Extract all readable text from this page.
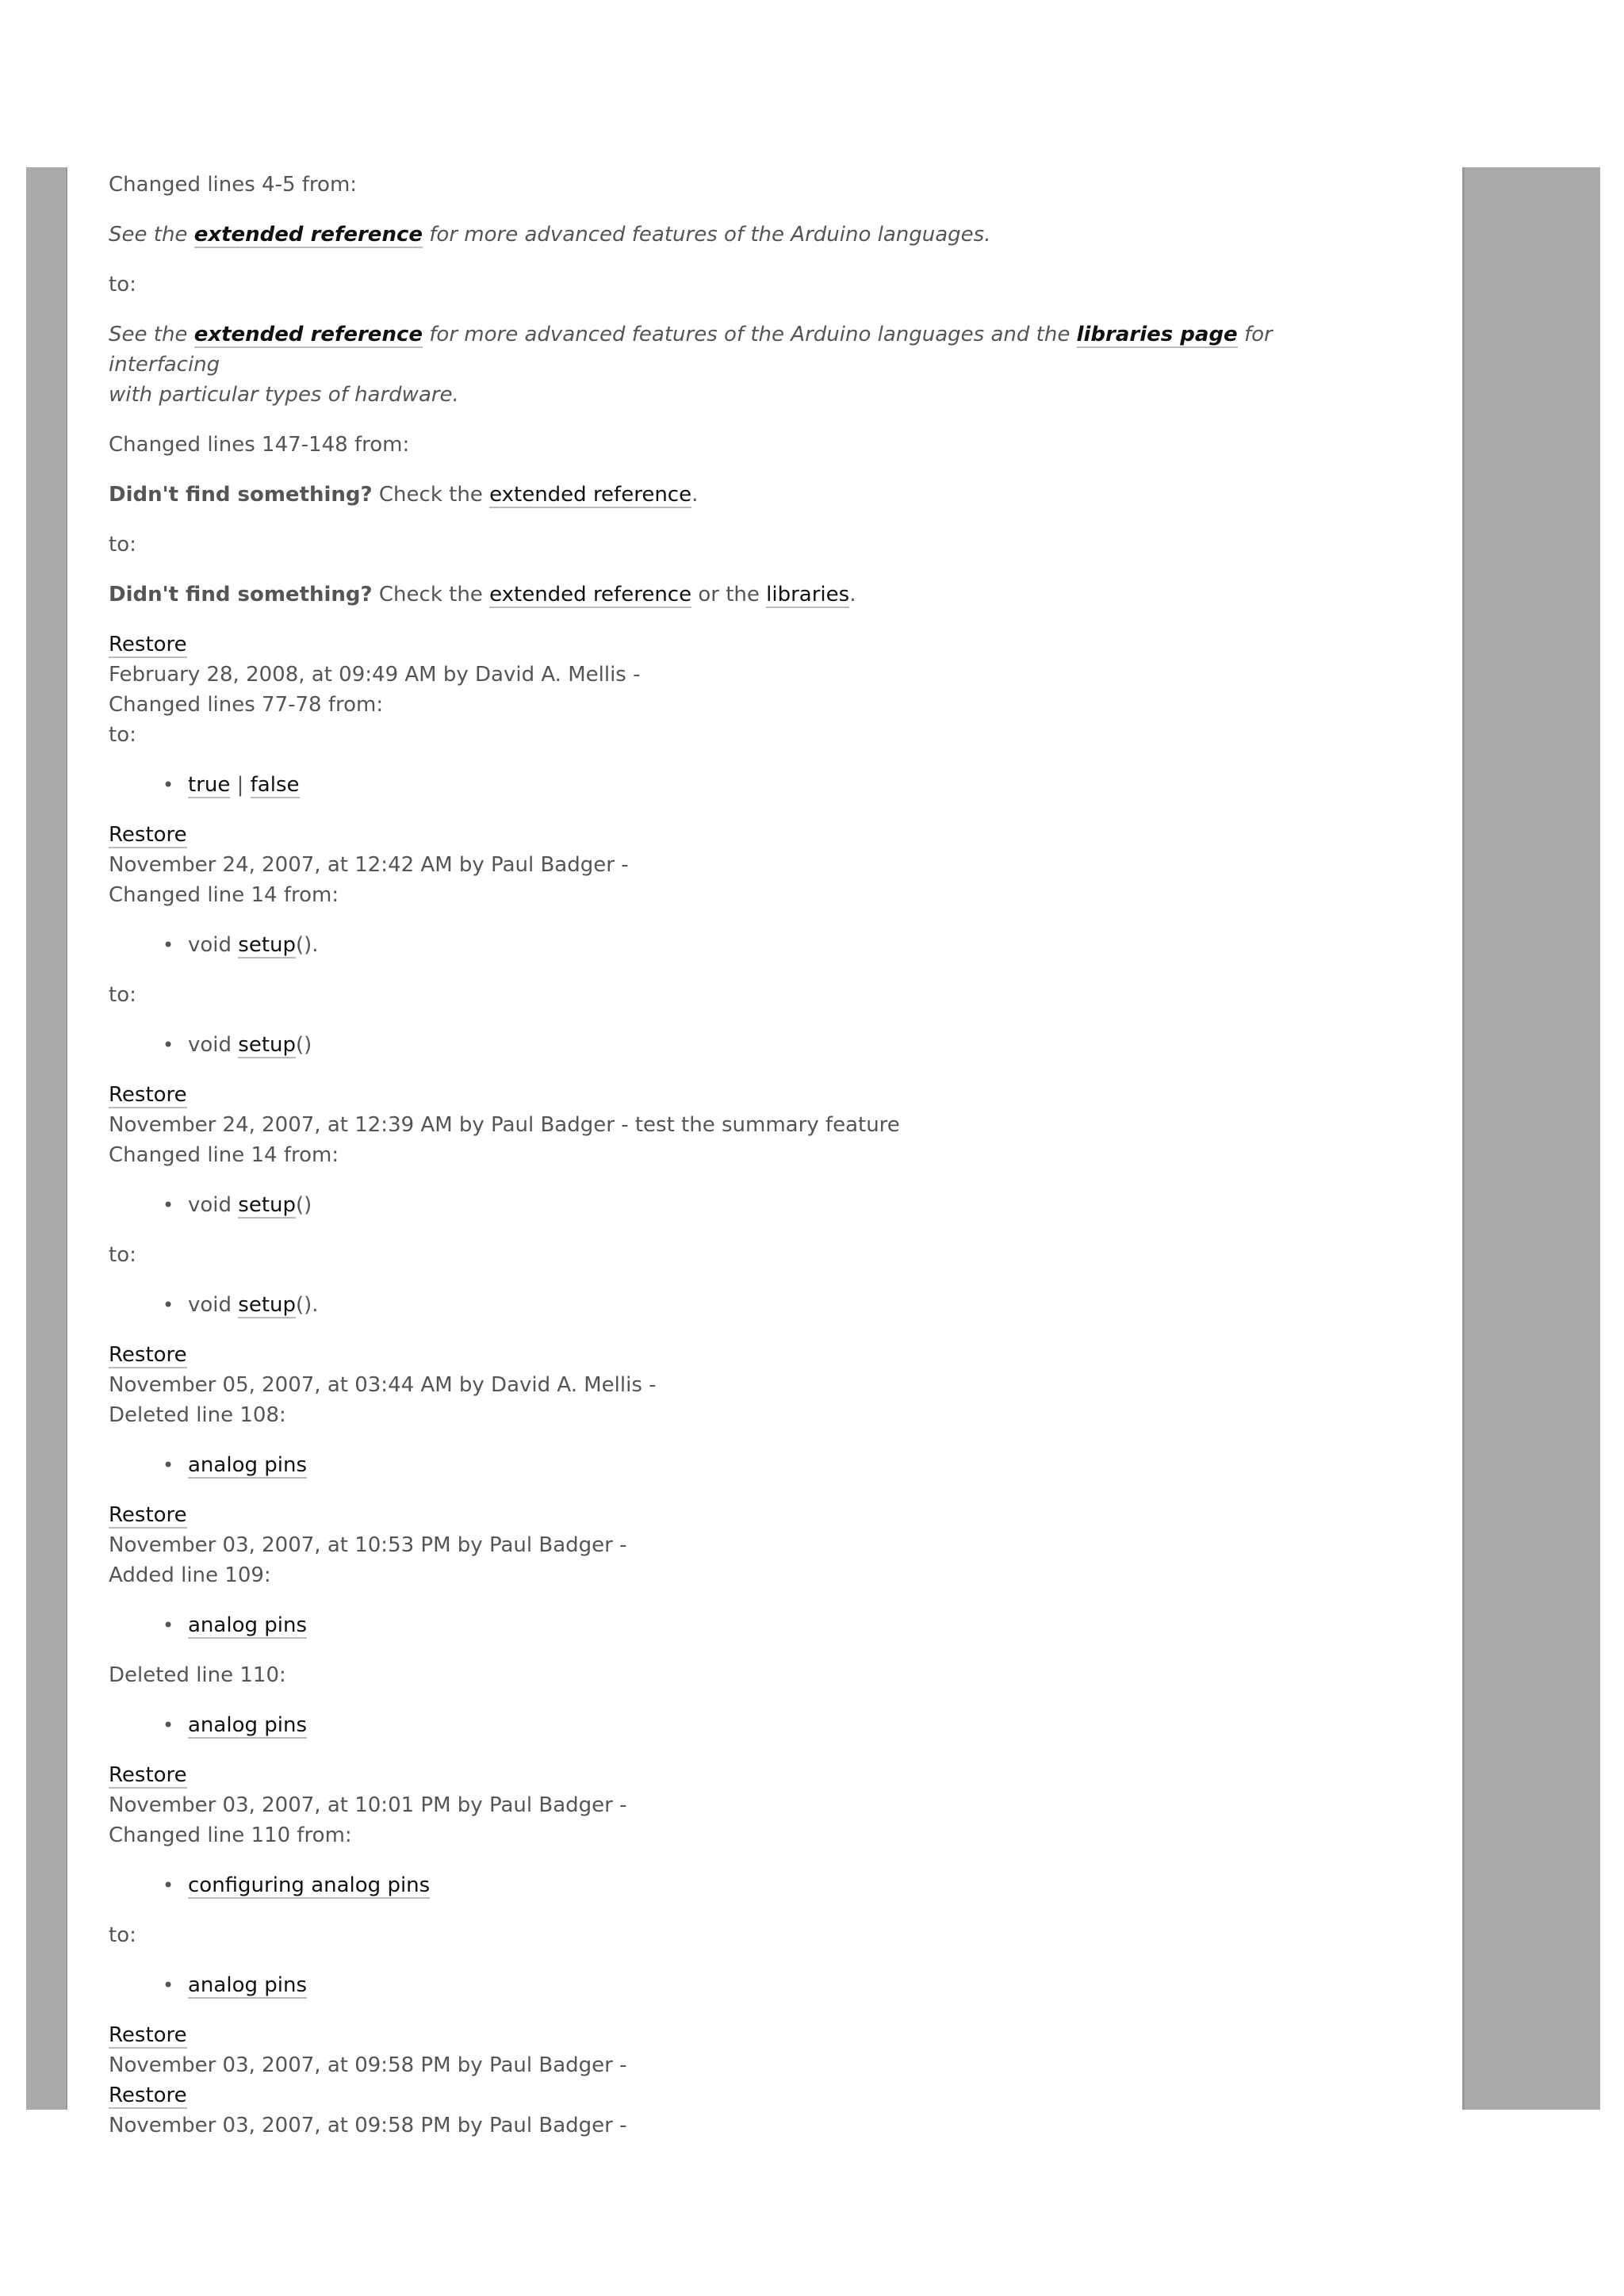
Changed lines 4-5 from:
See the extended reference for more advanced features of the Arduino languages.
to:
See the extended reference for more advanced features of the Arduino languages and the libraries page for interfacing
with particular types of hardware.
Changed lines 147-148 from:
Didn't find something? Check the extended reference.
to:
Didn't find something? Check the extended reference or the libraries.
Restore
February 28, 2008, at 09:49 AM by David A. Mellis -
Changed lines 77-78 from:
to:
• true | false
Restore
November 24, 2007, at 12:42 AM by Paul Badger -
Changed line 14 from:
• void setup().
to:
• void setup()
Restore
November 24, 2007, at 12:39 AM by Paul Badger - test the summary feature
Changed line 14 from:
• void setup()
to:
• void setup().
Restore
November 05, 2007, at 03:44 AM by David A. Mellis -
Deleted line 108:
• analog pins
Restore
November 03, 2007, at 10:53 PM by Paul Badger -
Added line 109:
• analog pins
Deleted line 110:
• analog pins
Restore
November 03, 2007, at 10:01 PM by Paul Badger -
Changed line 110 from:
• configuring analog pins
to:
• analog pins
Restore
November 03, 2007, at 09:58 PM by Paul Badger -
Restore
November 03, 2007, at 09:58 PM by Paul Badger -
